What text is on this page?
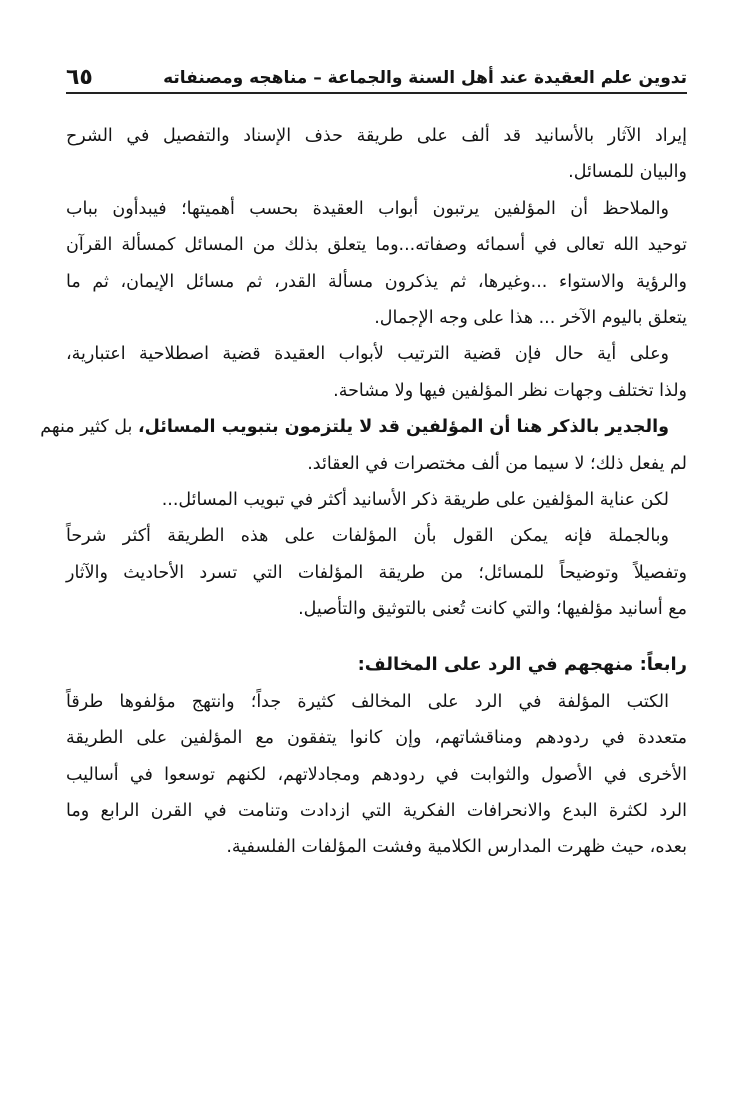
تدوين علم العقيدة عند أهل السنة والجماعة – مناهجه ومصنفاته
٦٥
إيراد الآثار بالأسانيد قد ألف على طريقة حذف الإسناد والتفصيل في الشرح
والبيان للمسائل.
والملاحظ أن المؤلفين يرتبون أبواب العقيدة بحسب أهميتها؛ فيبدأون بباب
توحيد الله تعالى في أسمائه وصفاته...وما يتعلق بذلك من المسائل كمسألة القرآن
والرؤية والاستواء ...وغيرها، ثم يذكرون مسألة القدر، ثم مسائل الإيمان، ثم ما
يتعلق باليوم الآخر ... هذا على وجه الإجمال.
وعلى أية حال فإن قضية الترتيب لأبواب العقيدة قضية اصطلاحية اعتبارية،
ولذا تختلف وجهات نظر المؤلفين فيها ولا مشاحة.
والجدير بالذكر هنا أن المؤلفين قد لا يلتزمون بتبويب المسائل، بل كثير منهم
لم يفعل ذلك؛ لا سيما من ألف مختصرات في العقائد.
لكن عناية المؤلفين على طريقة ذكر الأسانيد أكثر في تبويب المسائل...
وبالجملة فإنه يمكن القول بأن المؤلفات على هذه الطريقة أكثر شرحاً
وتفصيلاً وتوضيحاً للمسائل؛ من طريقة المؤلفات التي تسرد الأحاديث والآثار
مع أسانيد مؤلفيها؛ والتي كانت تُعنى بالتوثيق والتأصيل.
رابعاً: منهجهم في الرد على المخالف:
الكتب المؤلفة في الرد على المخالف كثيرة جداً؛ وانتهج مؤلفوها طرقاً
متعددة في ردودهم ومناقشاتهم، وإن كانوا يتفقون مع المؤلفين على الطريقة
الأخرى في الأصول والثوابت في ردودهم ومجادلاتهم، لكنهم توسعوا في أساليب
الرد لكثرة البدع والانحرافات الفكرية التي ازدادت وتنامت في القرن الرابع وما
بعده، حيث ظهرت المدارس الكلامية وفشت المؤلفات الفلسفية.
